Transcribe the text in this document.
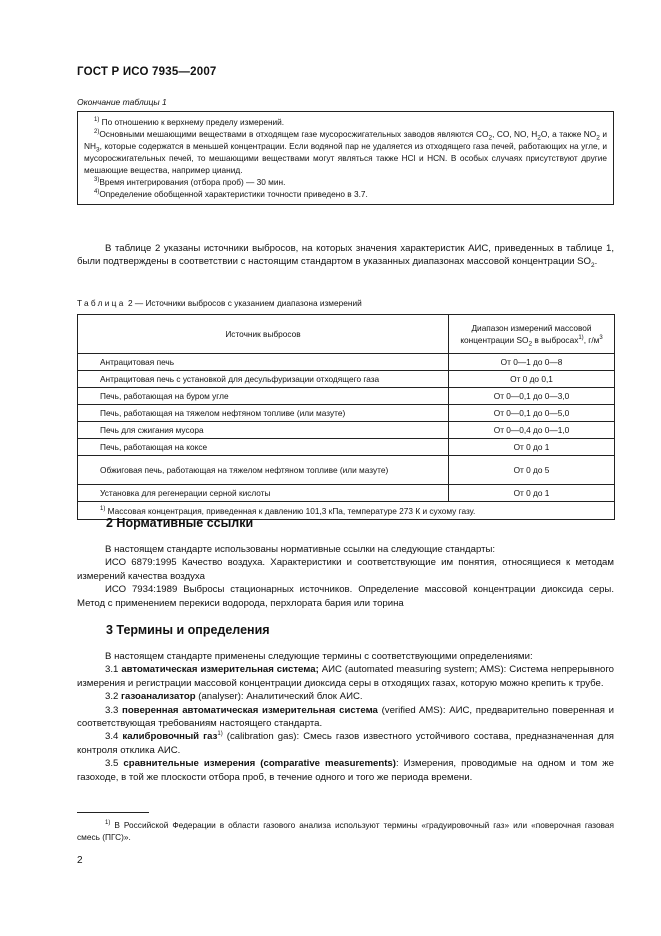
ГОСТ Р ИСО 7935—2007
Окончание таблицы 1

$^{1)}$ По отношению к верхнему пределу измерений.

$^{2)}$Основными мешающими веществами в отходящем газе мусоросжигательных заводов являются $CO_2$, CO, NO, $H_2O$, а также $NO_2$ и $NH_3$, которые содержатся в меньшей концентрации. Если водяной пар не удаляется из отходящего газа печей, работающих на угле, и мусоросжигательных печей, то мешающими веществами могут являться также HCl и HCN. В особых случаях присутствуют другие мешающие вещества, например цианид.

$^{3)}$Время интегрирования (отбора проб) — 30 мин.

$^{4)}$Определение обобщенной характеристики точности приведено в 3.7.

В таблице 2 указаны источники выбросов, на которых значения характеристик АИС, приведенных в таблице 1, были подтверждены в соответствии с настоящим стандартом в указанных диапазонах массовой концентрации $SO_2$.

Таблица 2 — Источники выбросов с указанием диапазона измерений
Источник выбросов	Диапазон измерений массовой концентрации $SO_2$ в выбросах$^{1)}$, $г/м^3$
Антрацитовая печь	От 0—1 до 0—8
Антрацитовая печь с установкой для десульфуризации отходящего газа	От 0 до 0,1
Печь, работающая на буром угле	От 0—0,1 до 0—3,0
Печь, работающая на тяжелом нефтяном топливе (или мазуте)	От 0—0,1 до 0—5,0
Печь для сжигания мусора	От 0—0,4 до 0—1,0
Печь, работающая на коксе	От 0 до 1
Обжиговая печь, работающая на тяжелом нефтяном топливе (или мазуте)	От 0 до 5
Установка для регенерации серной кислоты	От 0 до 1
$^{1)}$ Массовая концентрация, приведенная к давлению 101,3 кПа, температуре 273 К и сухому газу.	
2 Нормативные ссылки

В настоящем стандарте использованы нормативные ссылки на следующие стандарты:

ИСО 6879:1995 Качество воздуха. Характеристики и соответствующие им понятия, относящиеся к методам измерений качества воздуха

ИСО 7934:1989 Выбросы стационарных источников. Определение массовой концентрации диоксида серы. Метод с применением перекиси водорода, перхлората бария или торина

3 Термины и определения

В настоящем стандарте применены следующие термины с соответствующими определениями:

3.1 автоматическая измерительная система; АИС (automated measuring system; AMS): Система непрерывного измерения и регистрации массовой концентрации диоксида серы в отходящих газах, которую можно крепить к трубе.

3.2 газоанализатор (analyser): Аналитический блок АИС.

3.3 поверенная автоматическая измерительная система (verified AMS): АИС, предварительно поверенная и соответствующая требованиям настоящего стандарта.

3.4 калибровочный газ$^{1)}$ (calibration gas): Смесь газов известного устойчивого состава, предназначенная для контроля отклика АИС.

3.5 сравнительные измерения (comparative measurements): Измерения, проводимые на одном и том же газоходе, в той же плоскости отбора проб, в течение одного и того же периода времени.

$^{1)}$ В Российской Федерации в области газового анализа используют термины «градуировочный газ» или «поверочная газовая смесь (ПГС)».

2
